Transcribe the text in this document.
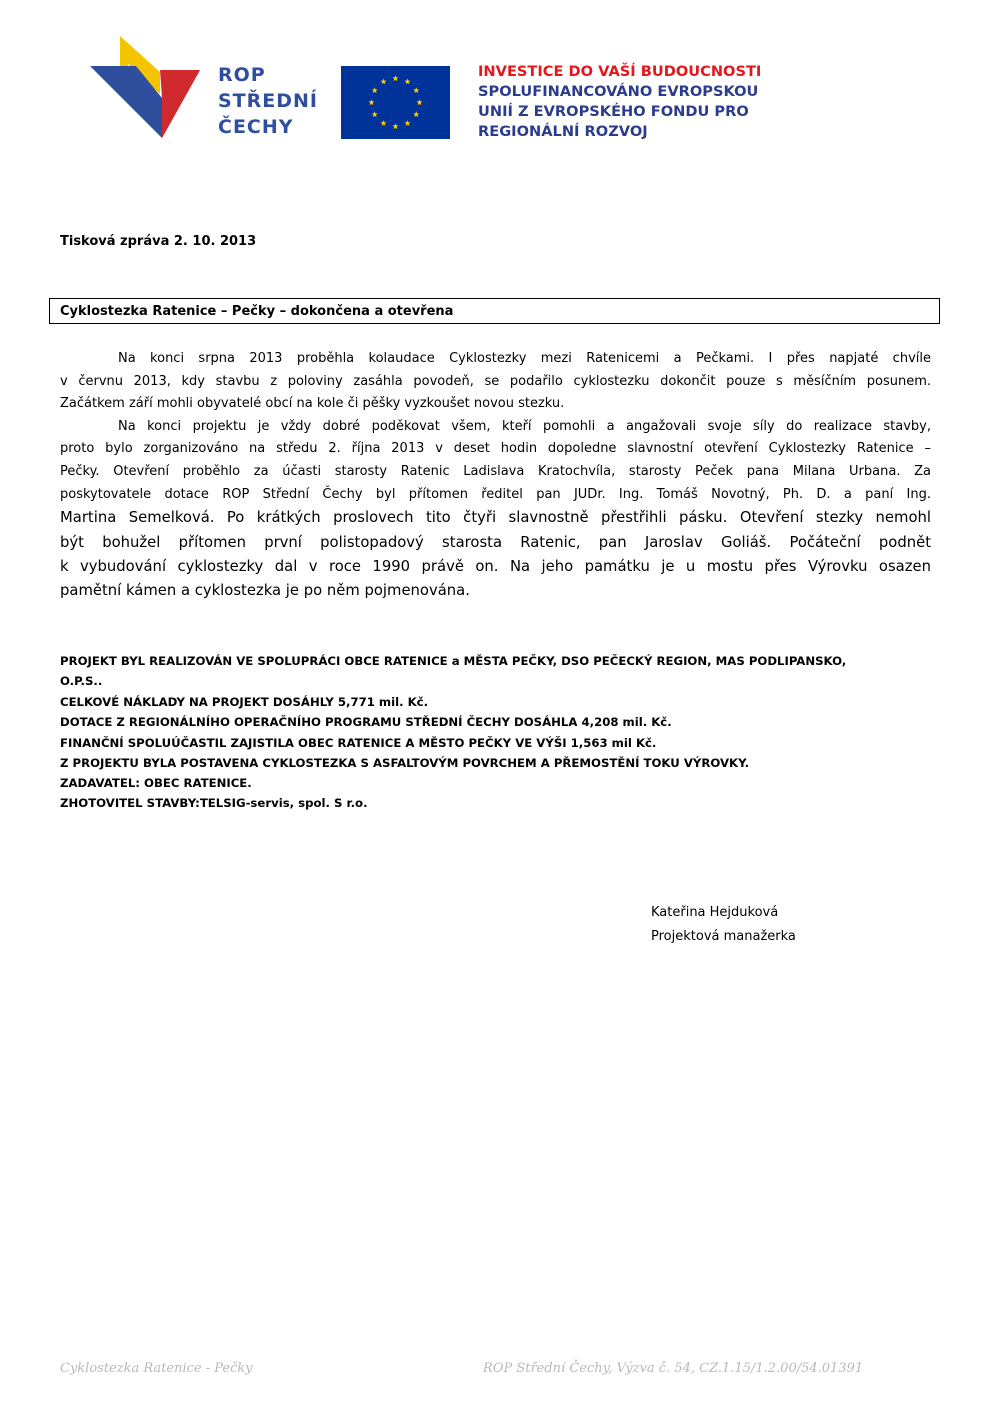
ROP
STŘEDNÍ
ČECHY
INVESTICE DO VAŠÍ BUDOUCNOSTI
SPOLUFINANCOVÁNO EVROPSKOU
UNIÍ Z EVROPSKÉHO FONDU PRO
REGIONÁLNÍ ROZVOJ
Tisková zpráva 2. 10. 2013
Cyklostezka Ratenice – Pečky – dokončena a otevřena
Na konci srpna 2013 proběhla kolaudace Cyklostezky mezi Ratenicemi a Pečkami. I přes napjaté chvíle
v červnu 2013, kdy stavbu z poloviny zasáhla povodeň, se podařilo cyklostezku dokončit pouze s měsíčním posunem.
Začátkem září mohli obyvatelé obcí na kole či pěšky vyzkoušet novou stezku.
Na konci projektu je vždy dobré poděkovat všem, kteří pomohli a angažovali svoje síly do realizace stavby,
proto bylo zorganizováno na středu 2. října 2013 v deset hodin dopoledne slavnostní otevření Cyklostezky Ratenice –
Pečky. Otevření proběhlo za účasti starosty Ratenic Ladislava Kratochvíla, starosty Peček pana Milana Urbana. Za
poskytovatele dotace ROP Střední Čechy byl přítomen ředitel pan JUDr. Ing. Tomáš Novotný, Ph. D. a paní Ing.
Martina Semelková. Po krátkých proslovech tito čtyři slavnostně přestřihli pásku. Otevření stezky nemohl
být bohužel přítomen první polistopadový starosta Ratenic, pan Jaroslav Goliáš. Počáteční podnět
k vybudování cyklostezky dal v roce 1990 právě on. Na jeho památku je u mostu přes Výrovku osazen
pamětní kámen a cyklostezka je po něm pojmenována.
PROJEKT BYL REALIZOVÁN VE SPOLUPRÁCI OBCE RATENICE a MĚSTA PEČKY, DSO PEČECKÝ REGION, MAS PODLIPANSKO,
O.P.S..
CELKOVÉ NÁKLADY NA PROJEKT DOSÁHLY 5,771 mil. Kč.
DOTACE Z REGIONÁLNÍHO OPERAČNÍHO PROGRAMU STŘEDNÍ ČECHY DOSÁHLA 4,208 mil. Kč.
FINANČNÍ SPOLUÚČASTIL ZAJISTILA OBEC RATENICE A MĚSTO PEČKY VE VÝŠI 1,563 mil Kč.
Z PROJEKTU BYLA POSTAVENA CYKLOSTEZKA S ASFALTOVÝM POVRCHEM A PŘEMOSTĚNÍ TOKU VÝROVKY.
ZADAVATEL: OBEC RATENICE.
ZHOTOVITEL STAVBY:TELSIG-servis, spol. S r.o.
Kateřina Hejduková
Projektová manažerka
Cyklostezka Ratenice - Pečky	ROP Střední Čechy, Výzva č. 54, CZ.1.15/1.2.00/54.01391
